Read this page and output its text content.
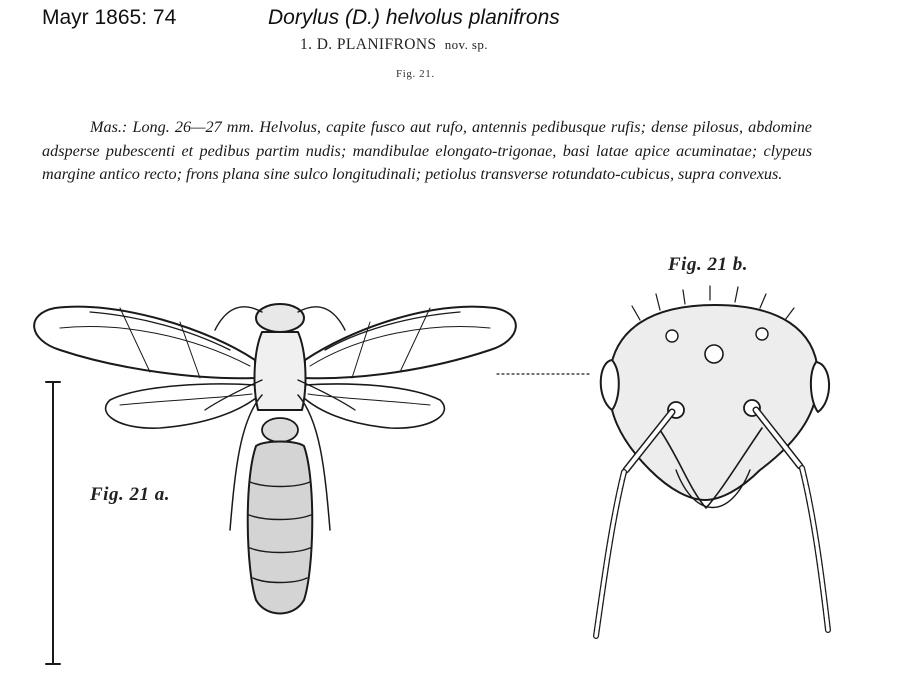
Mayr 1865: 74	Dorylus (D.) helvolus planifrons
1. D. PLANIFRONS nov. sp.
Fig. 21.

Mas.: Long. 26—27 mm. Helvolus, capite fusco aut rufo, antennis pedibusque rufis; dense pilosus, abdomine adsperse pubescenti et pedibus partim nudis; mandibulae elongato-trigonae, basi latae apice acuminatae; clypeus margine antico recto; frons plana sine sulco longitudinali; petiolus transverse rotundato-cubicus, supra convexus.

Fig. 21 b.
Fig. 21 a.
